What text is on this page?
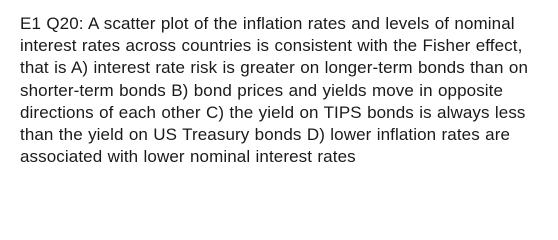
E1 Q20: A scatter plot of the inflation rates and levels of nominal interest rates across countries is consistent with the Fisher effect, that is A) interest rate risk is greater on longer-term bonds than on shorter-term bonds B) bond prices and yields move in opposite directions of each other C) the yield on TIPS bonds is always less than the yield on US Treasury bonds D) lower inflation rates are associated with lower nominal interest rates
